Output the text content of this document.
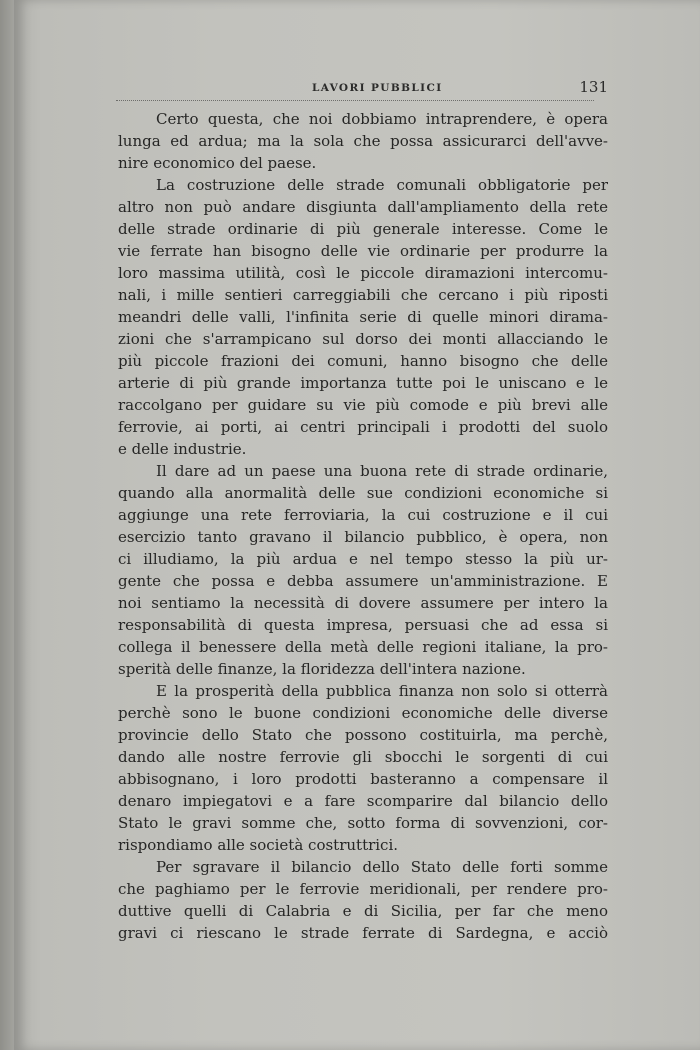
LAVORI PUBBLICI	131
Certo questa, che noi dobbiamo intraprendere, è opera
lunga ed ardua; ma la sola che possa assicurarci dell'avve-
nire economico del paese.
La costruzione delle strade comunali obbligatorie per
altro non può andare disgiunta dall'ampliamento della rete
delle strade ordinarie di più generale interesse. Come le
vie ferrate han bisogno delle vie ordinarie per produrre la
loro massima utilità, così le piccole diramazioni intercomu-
nali, i mille sentieri carreggiabili che cercano i più riposti
meandri delle valli, l'infinita serie di quelle minori dirama-
zioni che s'arrampicano sul dorso dei monti allacciando le
più piccole frazioni dei comuni, hanno bisogno che delle
arterie di più grande importanza tutte poi le uniscano e le
raccolgano per guidare su vie più comode e più brevi alle
ferrovie, ai porti, ai centri principali i prodotti del suolo
e delle industrie.
Il dare ad un paese una buona rete di strade ordinarie,
quando alla anormalità delle sue condizioni economiche si
aggiunge una rete ferroviaria, la cui costruzione e il cui
esercizio tanto gravano il bilancio pubblico, è opera, non
ci illudiamo, la più ardua e nel tempo stesso la più ur-
gente che possa e debba assumere un'amministrazione. E
noi sentiamo la necessità di dovere assumere per intero la
responsabilità di questa impresa, persuasi che ad essa si
collega il benessere della metà delle regioni italiane, la pro-
sperità delle finanze, la floridezza dell'intera nazione.
E la prosperità della pubblica finanza non solo si otterrà
perchè sono le buone condizioni economiche delle diverse
provincie dello Stato che possono costituirla, ma perchè,
dando alle nostre ferrovie gli sbocchi le sorgenti di cui
abbisognano, i loro prodotti basteranno a compensare il
denaro impiegatovi e a fare scomparire dal bilancio dello
Stato le gravi somme che, sotto forma di sovvenzioni, cor-
rispondiamo alle società costruttrici.
Per sgravare il bilancio dello Stato delle forti somme
che paghiamo per le ferrovie meridionali, per rendere pro-
duttive quelli di Calabria e di Sicilia, per far che meno
gravi ci riescano le strade ferrate di Sardegna, e acciò
